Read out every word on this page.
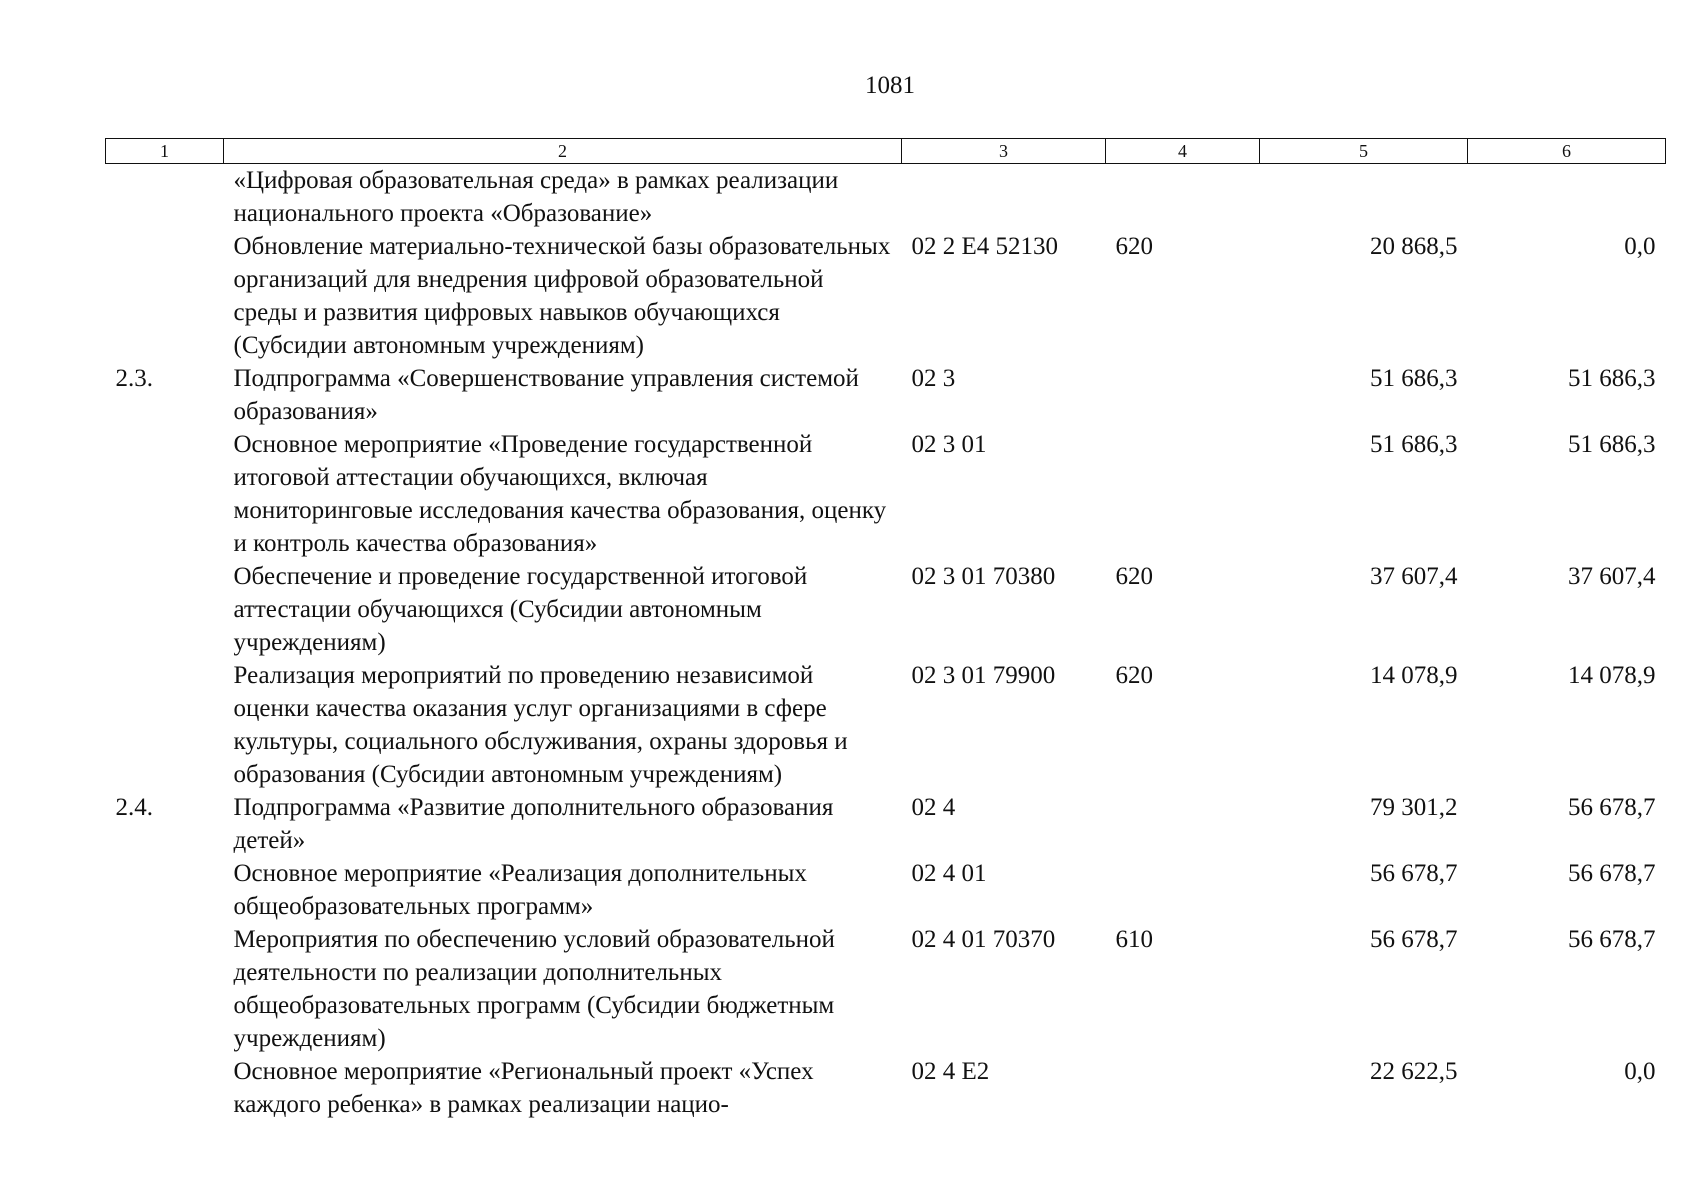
1081
1	2	3	4	5	6
	«Цифровая образовательная среда» в рамках реализации национального проекта «Образование»				
	Обновление материально-технической базы образовательных организаций для внедрения цифровой образовательной среды и развития цифровых навыков обучающихся (Субсидии автономным учреждениям)	02 2 E4 52130	620	20 868,5	0,0
2.3.	Подпрограмма «Совершенствование управления системой образования»	02 3		51 686,3	51 686,3
	Основное мероприятие «Проведение государственной итоговой аттестации обучающихся, включая мониторинговые исследования качества образования, оценку и контроль качества образования»	02 3 01		51 686,3	51 686,3
	Обеспечение и проведение государственной итоговой аттестации обучающихся (Субсидии автономным учреждениям)	02 3 01 70380	620	37 607,4	37 607,4
	Реализация мероприятий по проведению независимой оценки качества оказания услуг организациями в сфере культуры, социального обслуживания, охраны здоровья и образования (Субсидии автономным учреждениям)	02 3 01 79900	620	14 078,9	14 078,9
2.4.	Подпрограмма «Развитие дополнительного образования детей»	02 4		79 301,2	56 678,7
	Основное мероприятие «Реализация дополнительных общеобразовательных программ»	02 4 01		56 678,7	56 678,7
	Мероприятия по обеспечению условий образовательной деятельности по реализации дополнительных общеобразовательных программ (Субсидии бюджетным учреждениям)	02 4 01 70370	610	56 678,7	56 678,7
	Основное мероприятие «Региональный проект «Успех каждого ребенка» в рамках реализации нацио-	02 4 E2		22 622,5	0,0
